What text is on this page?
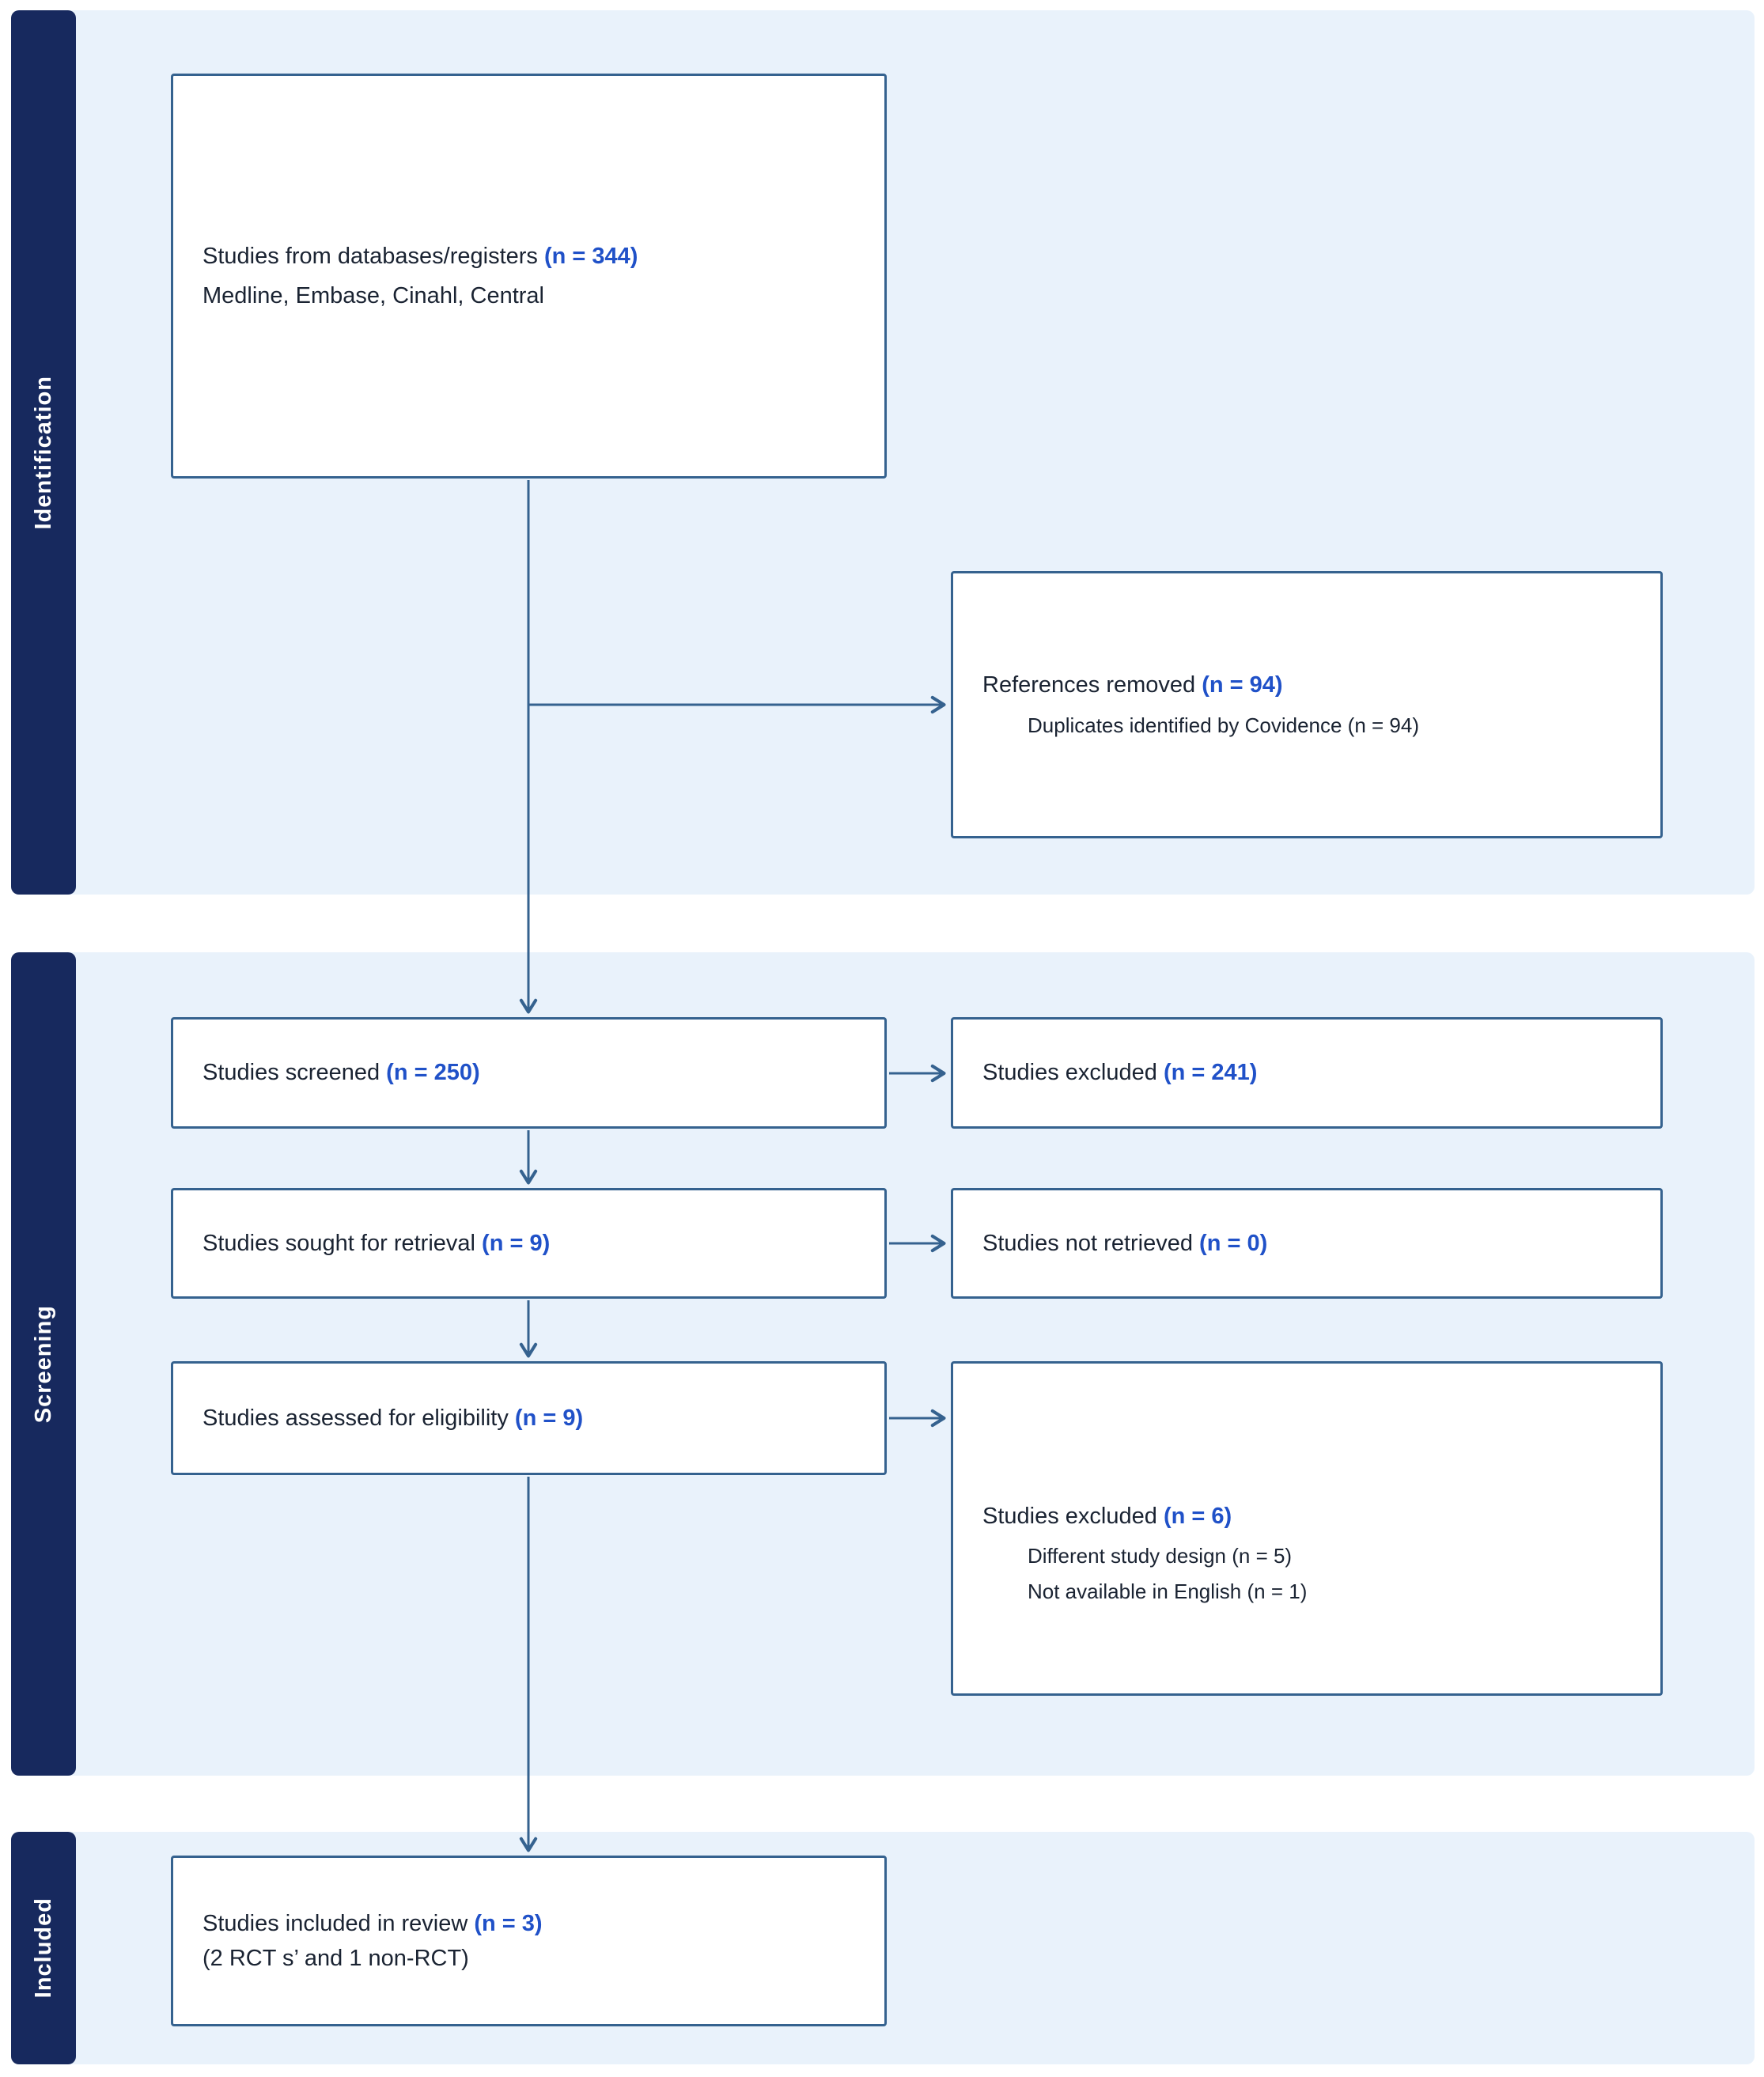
Identification
Screening
Included
Studies from databases/registers (n = 344)
Medline, Embase, Cinahl, Central
References removed (n = 94)
Duplicates identified by Covidence (n = 94)
Studies screened (n = 250)	Studies excluded (n = 241)
Studies sought for retrieval (n = 9)	Studies not retrieved (n = 0)
Studies assessed for eligibility (n = 9)
Studies excluded (n = 6)
Different study design (n = 5)
Not available in English (n = 1)
Studies included in review (n = 3)
(2 RCT s’ and 1 non-RCT)
